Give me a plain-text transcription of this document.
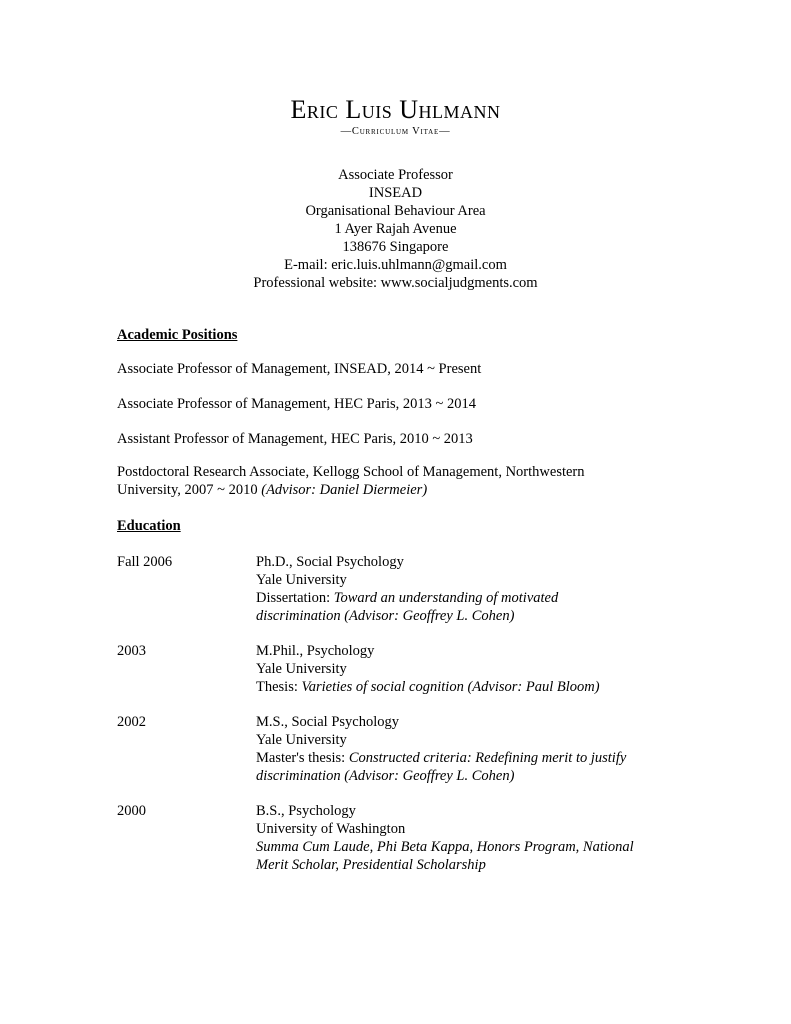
Eric Luis Uhlmann
—Curriculum Vitae—
Associate Professor
INSEAD
Organisational Behaviour Area
1 Ayer Rajah Avenue
138676 Singapore
E-mail: eric.luis.uhlmann@gmail.com
Professional website: www.socialjudgments.com
Academic Positions
Associate Professor of Management, INSEAD, 2014 ~ Present
Associate Professor of Management, HEC Paris, 2013 ~ 2014
Assistant Professor of Management, HEC Paris, 2010 ~ 2013
Postdoctoral Research Associate, Kellogg School of Management, Northwestern
University, 2007 ~ 2010 (Advisor: Daniel Diermeier)
Education
Fall 2006	Ph.D., Social Psychology
Yale University
Dissertation: Toward an understanding of motivated
discrimination (Advisor: Geoffrey L. Cohen)
2003	M.Phil., Psychology
Yale University
Thesis: Varieties of social cognition (Advisor: Paul Bloom)
2002	M.S., Social Psychology
Yale University
Master's thesis: Constructed criteria: Redefining merit to justify
discrimination (Advisor: Geoffrey L. Cohen)
2000	B.S., Psychology
University of Washington
Summa Cum Laude, Phi Beta Kappa, Honors Program, National
Merit Scholar, Presidential Scholarship
